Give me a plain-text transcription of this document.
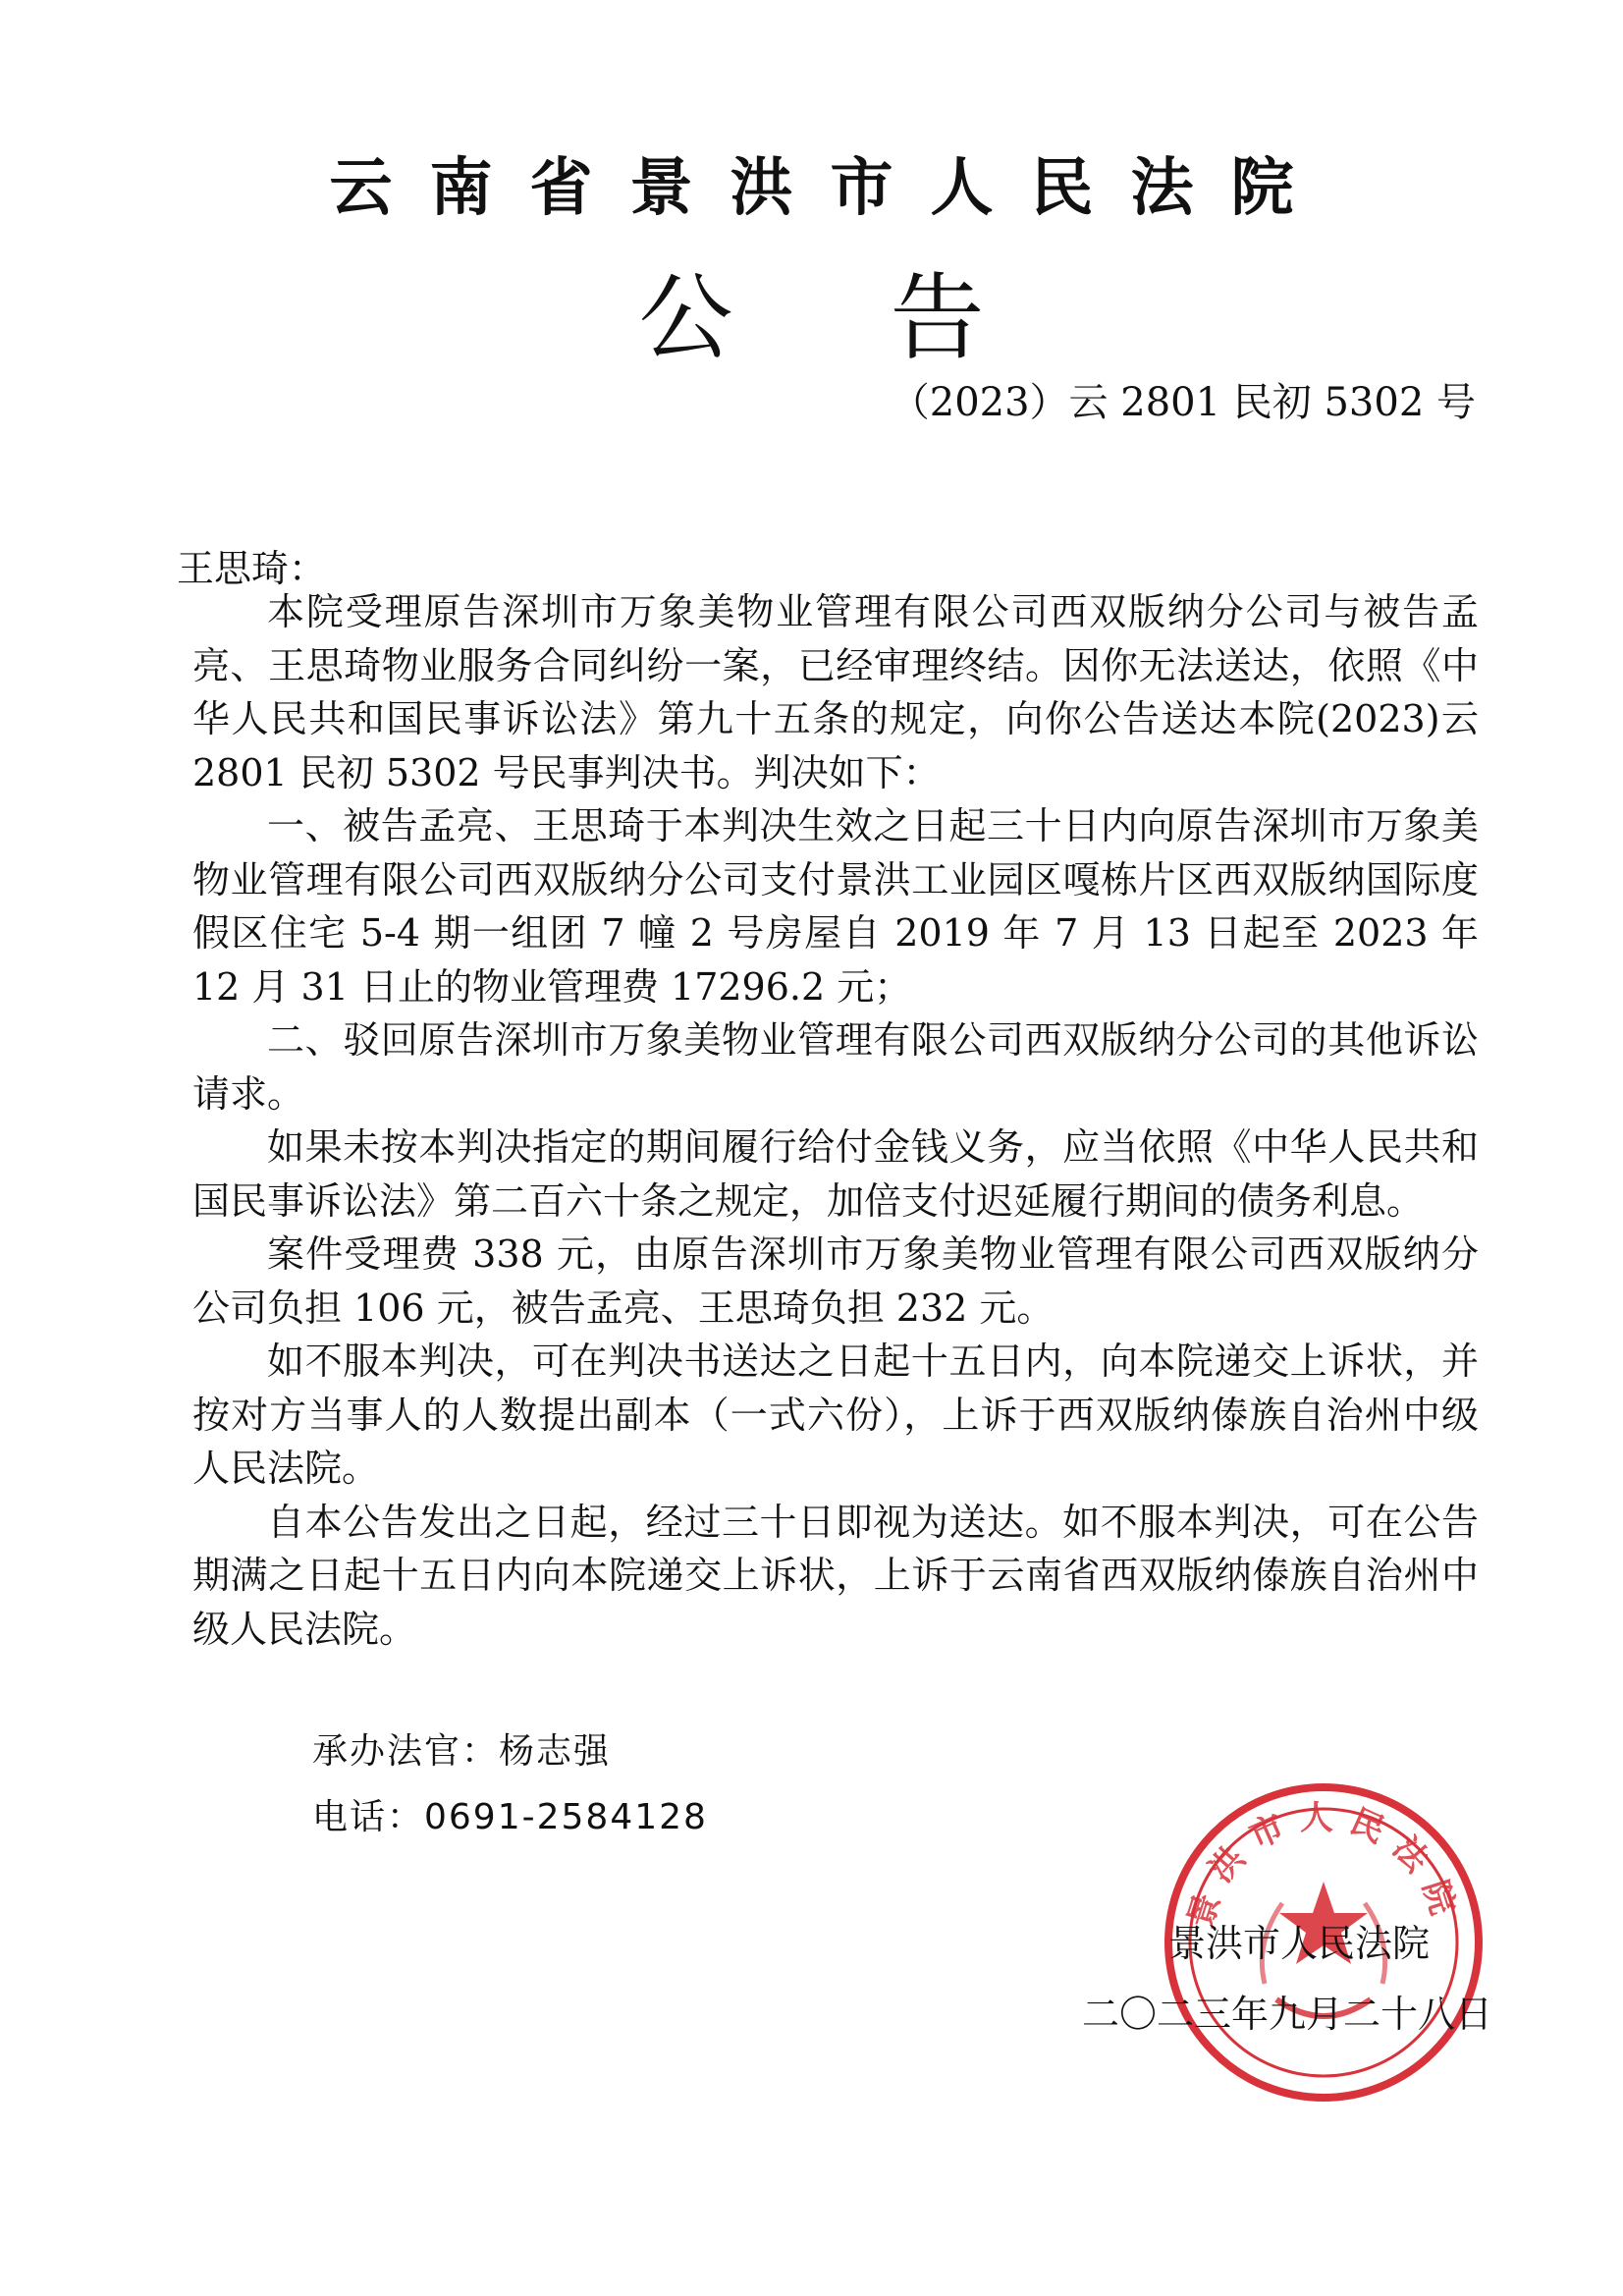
云南省景洪市人民法院
公告
（2023）云 2801 民初 5302 号
王思琦：

本院受理原告深圳市万象美物业管理有限公司西双版纳分公司与被告孟亮、王思琦物业服务合同纠纷一案，已经审理终结。因你无法送达，依照《中华人民共和国民事诉讼法》第九十五条的规定，向你公告送达本院(2023)云 2801 民初 5302 号民事判决书。判决如下：

一、被告孟亮、王思琦于本判决生效之日起三十日内向原告深圳市万象美物业管理有限公司西双版纳分公司支付景洪工业园区嘎栋片区西双版纳国际度假区住宅 5-4 期一组团 7 幢 2 号房屋自 2019 年 7 月 13 日起至 2023 年 12 月 31 日止的物业管理费 17296.2 元；

二、驳回原告深圳市万象美物业管理有限公司西双版纳分公司的其他诉讼请求。

如果未按本判决指定的期间履行给付金钱义务，应当依照《中华人民共和国民事诉讼法》第二百六十条之规定，加倍支付迟延履行期间的债务利息。

案件受理费 338 元，由原告深圳市万象美物业管理有限公司西双版纳分公司负担 106 元，被告孟亮、王思琦负担 232 元。

如不服本判决，可在判决书送达之日起十五日内，向本院递交上诉状，并按对方当事人的人数提出副本（一式六份），上诉于西双版纳傣族自治州中级人民法院。

自本公告发出之日起，经过三十日即视为送达。如不服本判决，可在公告期满之日起十五日内向本院递交上诉状，上诉于云南省西双版纳傣族自治州中级人民法院。

承办法官：杨志强
电话：0691-2584128
景洪市人民法院
景洪市人民法院
二〇二三年九月二十八日
